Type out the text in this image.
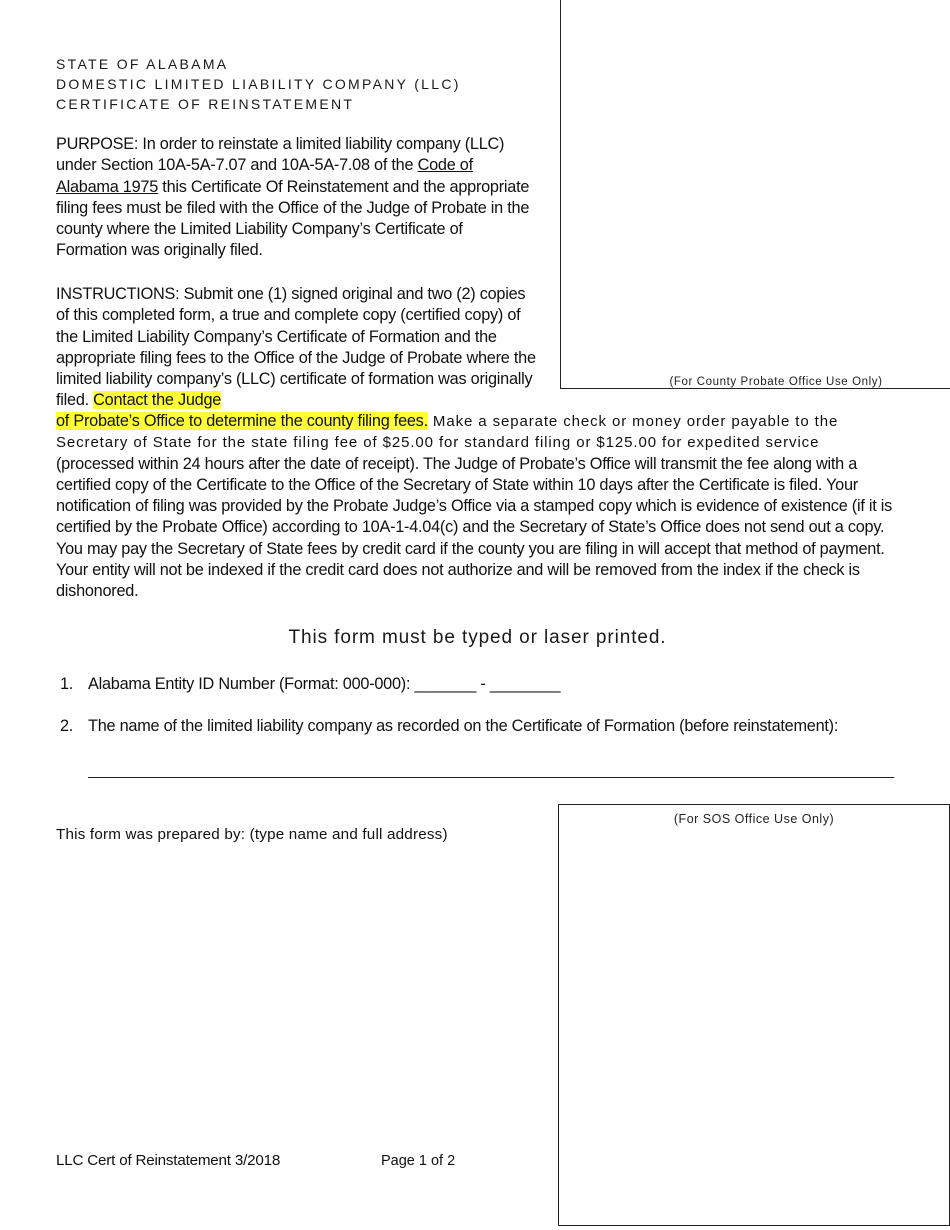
STATE OF ALABAMA
DOMESTIC LIMITED LIABILITY COMPANY (LLC)
CERTIFICATE OF REINSTATEMENT
(For County Probate Office Use Only)
PURPOSE: In order to reinstate a limited liability company (LLC) under Section 10A-5A-7.07 and 10A-5A-7.08 of the Code of Alabama 1975 this Certificate Of Reinstatement and the appropriate filing fees must be filed with the Office of the Judge of Probate in the county where the Limited Liability Company’s Certificate of Formation was originally filed.
INSTRUCTIONS: Submit one (1) signed original and two (2) copies of this completed form, a true and complete copy (certified copy) of the Limited Liability Company’s Certificate of Formation and the appropriate filing fees to the Office of the Judge of Probate where the limited liability company’s (LLC) certificate of formation was originally filed. Contact the Judge
of Probate’s Office to determine the county filing fees. Make a separate check or money order payable to the Secretary of State for the state filing fee of $25.00 for standard filing or $125.00 for expedited service (processed within 24 hours after the date of receipt). The Judge of Probate’s Office will transmit the fee along with a certified copy of the Certificate to the Office of the Secretary of State within 10 days after the Certificate is filed. Your notification of filing was provided by the Probate Judge’s Office via a stamped copy which is evidence of existence (if it is certified by the Probate Office) according to 10A-1-4.04(c) and the Secretary of State’s Office does not send out a copy. You may pay the Secretary of State fees by credit card if the county you are filing in will accept that method of payment. Your entity will not be indexed if the credit card does not authorize and will be removed from the index if the check is dishonored.
This form must be typed or laser printed.
1. Alabama Entity ID Number (Format: 000-000): _______ - ________
2. The name of the limited liability company as recorded on the Certificate of Formation (before reinstatement):
This form was prepared by: (type name and full address)
(For SOS Office Use Only)
LLC Cert of Reinstatement 3/2018	Page 1 of 2
